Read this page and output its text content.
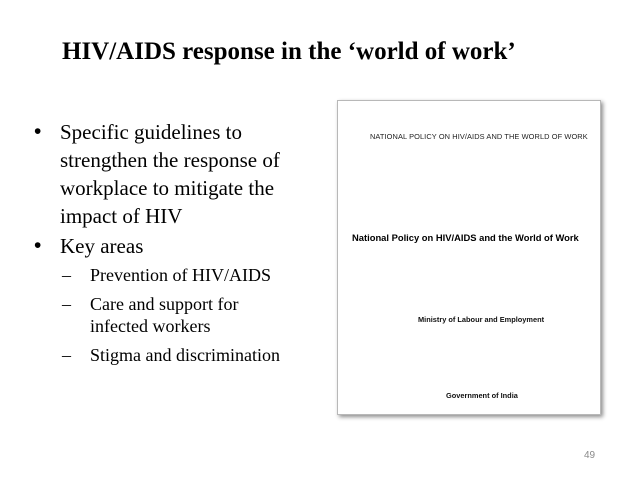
HIV/AIDS response in the ‘world of work’
• Specific guidelines to
strengthen the response of
workplace to mitigate the
impact of HIV
• Key areas
– Prevention of HIV/AIDS
– Care and support for
infected workers
– Stigma and discrimination
NATIONAL POLICY ON HIV/AIDS AND THE WORLD OF WORK
National Policy on HIV/AIDS and the World of Work
Ministry of Labour and Employment
Government of India
49
